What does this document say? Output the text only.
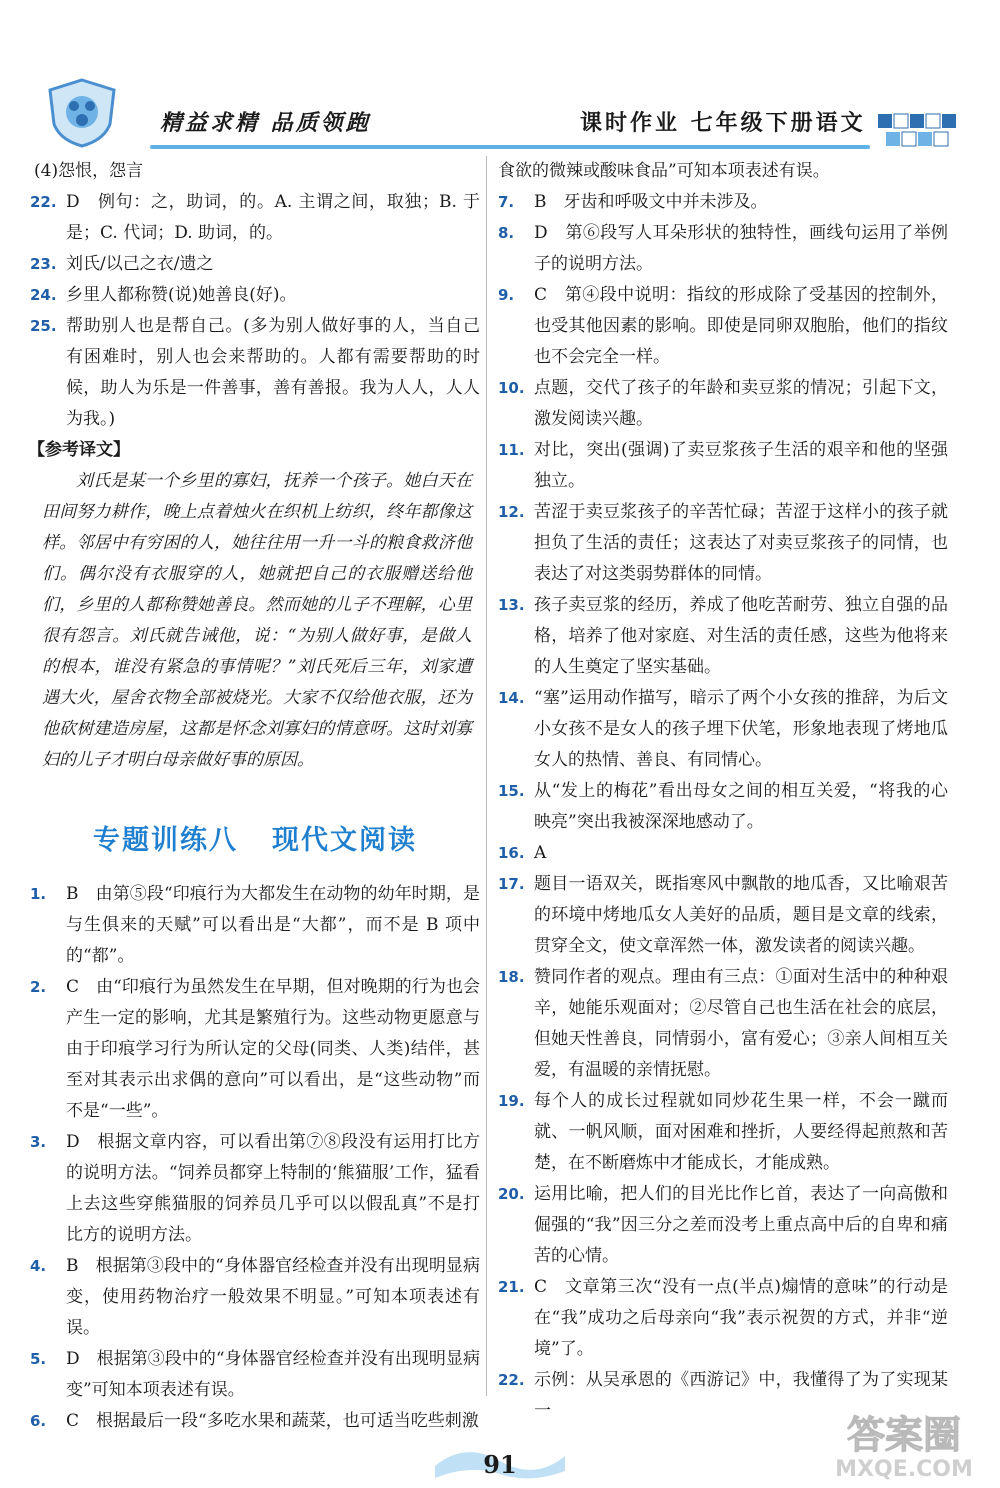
精益求精 品质领跑	课时作业 七年级下册语文
(4)怨恨，怨言
22. D　例句：之，助词，的。A. 主谓之间，取独；B. 于是；C. 代词；D. 助词，的。
23. 刘氏/以己之衣/遗之
24. 乡里人都称赞(说)她善良(好)。
25. 帮助别人也是帮自己。(多为别人做好事的人，当自己有困难时，别人也会来帮助的。人都有需要帮助的时候，助人为乐是一件善事，善有善报。我为人人，人人为我。)
【参考译文】
刘氏是某一个乡里的寡妇，抚养一个孩子。她白天在田间努力耕作，晚上点着烛火在织机上纺织，终年都像这样。邻居中有穷困的人，她往往用一升一斗的粮食救济他们。偶尔没有衣服穿的人，她就把自己的衣服赠送给他们，乡里的人都称赞她善良。然而她的儿子不理解，心里很有怨言。刘氏就告诫他，说：“为别人做好事，是做人的根本，谁没有紧急的事情呢？”刘氏死后三年，刘家遭遇大火，屋舍衣物全部被烧光。大家不仅给他衣服，还为他砍树建造房屋，这都是怀念刘寡妇的情意呀。这时刘寡妇的儿子才明白母亲做好事的原因。
专题训练八 现代文阅读
1.	B　由第⑤段“印痕行为大都发生在动物的幼年时期，是与生俱来的天赋”可以看出是“大都”，而不是 B 项中的“都”。
2.	C　由“印痕行为虽然发生在早期，但对晚期的行为也会产生一定的影响，尤其是繁殖行为。这些动物更愿意与由于印痕学习行为所认定的父母(同类、人类)结伴，甚至对其表示出求偶的意向”可以看出，是“这些动物”而不是“一些”。
3.	D　根据文章内容，可以看出第⑦⑧段没有运用打比方的说明方法。“饲养员都穿上特制的‘熊猫服’工作，猛看上去这些穿熊猫服的饲养员几乎可以以假乱真”不是打比方的说明方法。
4.	B　根据第③段中的“身体器官经检查并没有出现明显病变，使用药物治疗一般效果不明显。”可知本项表述有误。
5.	D　根据第③段中的“身体器官经检查并没有出现明显病变”可知本项表述有误。
6.	C　根据最后一段“多吃水果和蔬菜，也可适当吃些刺激
食欲的微辣或酸味食品”可知本项表述有误。
7.	B　牙齿和呼吸文中并未涉及。
8.	D　第⑥段写人耳朵形状的独特性，画线句运用了举例子的说明方法。
9.	C　第④段中说明：指纹的形成除了受基因的控制外，也受其他因素的影响。即使是同卵双胞胎，他们的指纹也不会完全一样。
10. 点题，交代了孩子的年龄和卖豆浆的情况；引起下文，激发阅读兴趣。
11. 对比，突出(强调)了卖豆浆孩子生活的艰辛和他的坚强独立。
12. 苦涩于卖豆浆孩子的辛苦忙碌；苦涩于这样小的孩子就担负了生活的责任；这表达了对卖豆浆孩子的同情，也表达了对这类弱势群体的同情。
13. 孩子卖豆浆的经历，养成了他吃苦耐劳、独立自强的品格，培养了他对家庭、对生活的责任感，这些为他将来的人生奠定了坚实基础。
14. “塞”运用动作描写，暗示了两个小女孩的推辞，为后文小女孩不是女人的孩子埋下伏笔，形象地表现了烤地瓜女人的热情、善良、有同情心。
15. 从“发上的梅花”看出母女之间的相互关爱，“将我的心映亮”突出我被深深地感动了。
16. A
17. 题目一语双关，既指寒风中飘散的地瓜香，又比喻艰苦的环境中烤地瓜女人美好的品质，题目是文章的线索，贯穿全文，使文章浑然一体，激发读者的阅读兴趣。
18. 赞同作者的观点。理由有三点：①面对生活中的种种艰辛，她能乐观面对；②尽管自己也生活在社会的底层，但她天性善良，同情弱小，富有爱心；③亲人间相互关爱，有温暖的亲情抚慰。
19. 每个人的成长过程就如同炒花生果一样，不会一蹴而就、一帆风顺，面对困难和挫折，人要经得起煎熬和苦楚，在不断磨炼中才能成长，才能成熟。
20. 运用比喻，把人们的目光比作匕首，表达了一向高傲和倔强的“我”因三分之差而没考上重点高中后的自卑和痛苦的心情。
21. C　文章第三次“没有一点(半点)煽情的意味”的行动是在“我”成功之后母亲向“我”表示祝贺的方式，并非“逆境”了。
22. 示例：从吴承恩的《西游记》中，我懂得了为了实现某一
91
答案圈
MXQE.COM
